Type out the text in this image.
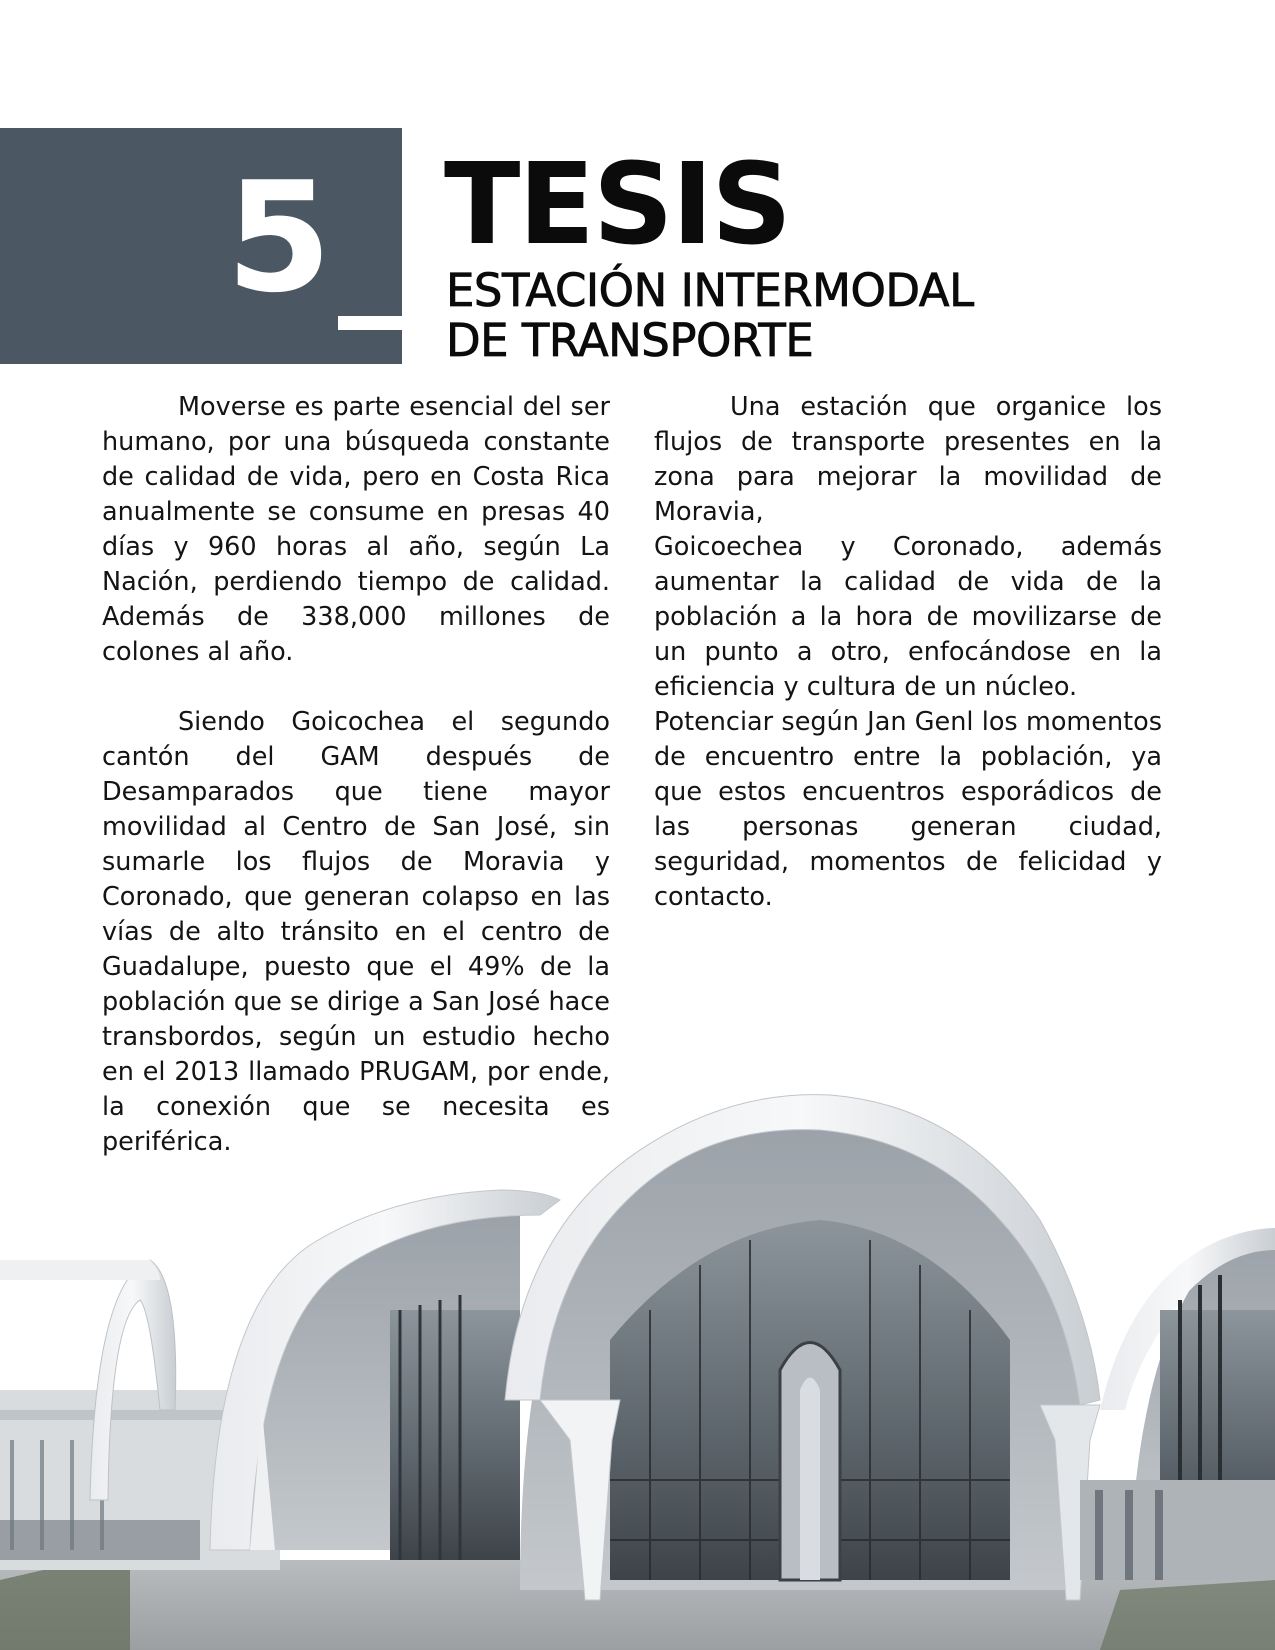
5 TESIS
ESTACIÓN INTERMODAL
DE TRANSPORTE

Moverse es parte esencial del ser humano, por una búsqueda constante de calidad de vida, pero en Costa Rica anualmente se consume en presas 40 días y 960 horas al año, según La Nación, perdiendo tiempo de calidad. Además de 338,000 millones de colones al año.

Siendo Goicochea el segundo cantón del GAM después de Desamparados que tiene mayor movilidad al Centro de San José, sin sumarle los flujos de Moravia y Coronado, que generan colapso en las vías de alto tránsito en el centro de Guadalupe, puesto que el 49% de la población que se dirige a San José hace transbordos, según un estudio hecho en el 2013 llamado PRUGAM, por ende, la conexión que se necesita es periférica.

Una estación que organice los flujos de transporte presentes en la zona para mejorar la movilidad de Moravia,

Goicoechea y Coronado, además aumentar la calidad de vida de la población a la hora de movilizarse de un punto a otro, enfocándose en la eficiencia y cultura de un núcleo.

Potenciar según Jan Genl los momentos de encuentro entre la población, ya que estos encuentros esporádicos de las personas generan ciudad, seguridad, momentos de felicidad y contacto.
